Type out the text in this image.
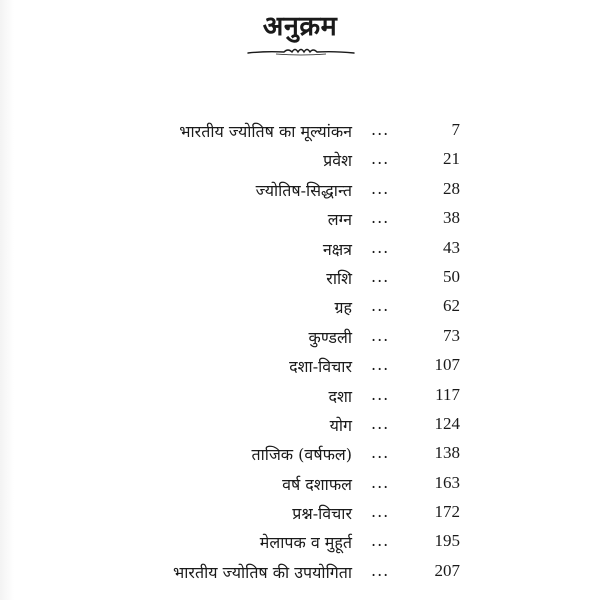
अनुक्रम
भारतीय ज्योतिष का मूल्यांकन ...	7
प्रवेश ...	21
ज्योतिष-सिद्धान्त ...	28
लग्न ...	38
नक्षत्र ...	43
राशि ...	50
ग्रह ...	62
कुण्डली ...	73
दशा-विचार ...	107
दशा ...	117
योग ...	124
ताजिक (वर्षफल) ...	138
वर्ष दशाफल ...	163
प्रश्न-विचार ...	172
मेलापक व मुहूर्त ...	195
भारतीय ज्योतिष की उपयोगिता ...	207
